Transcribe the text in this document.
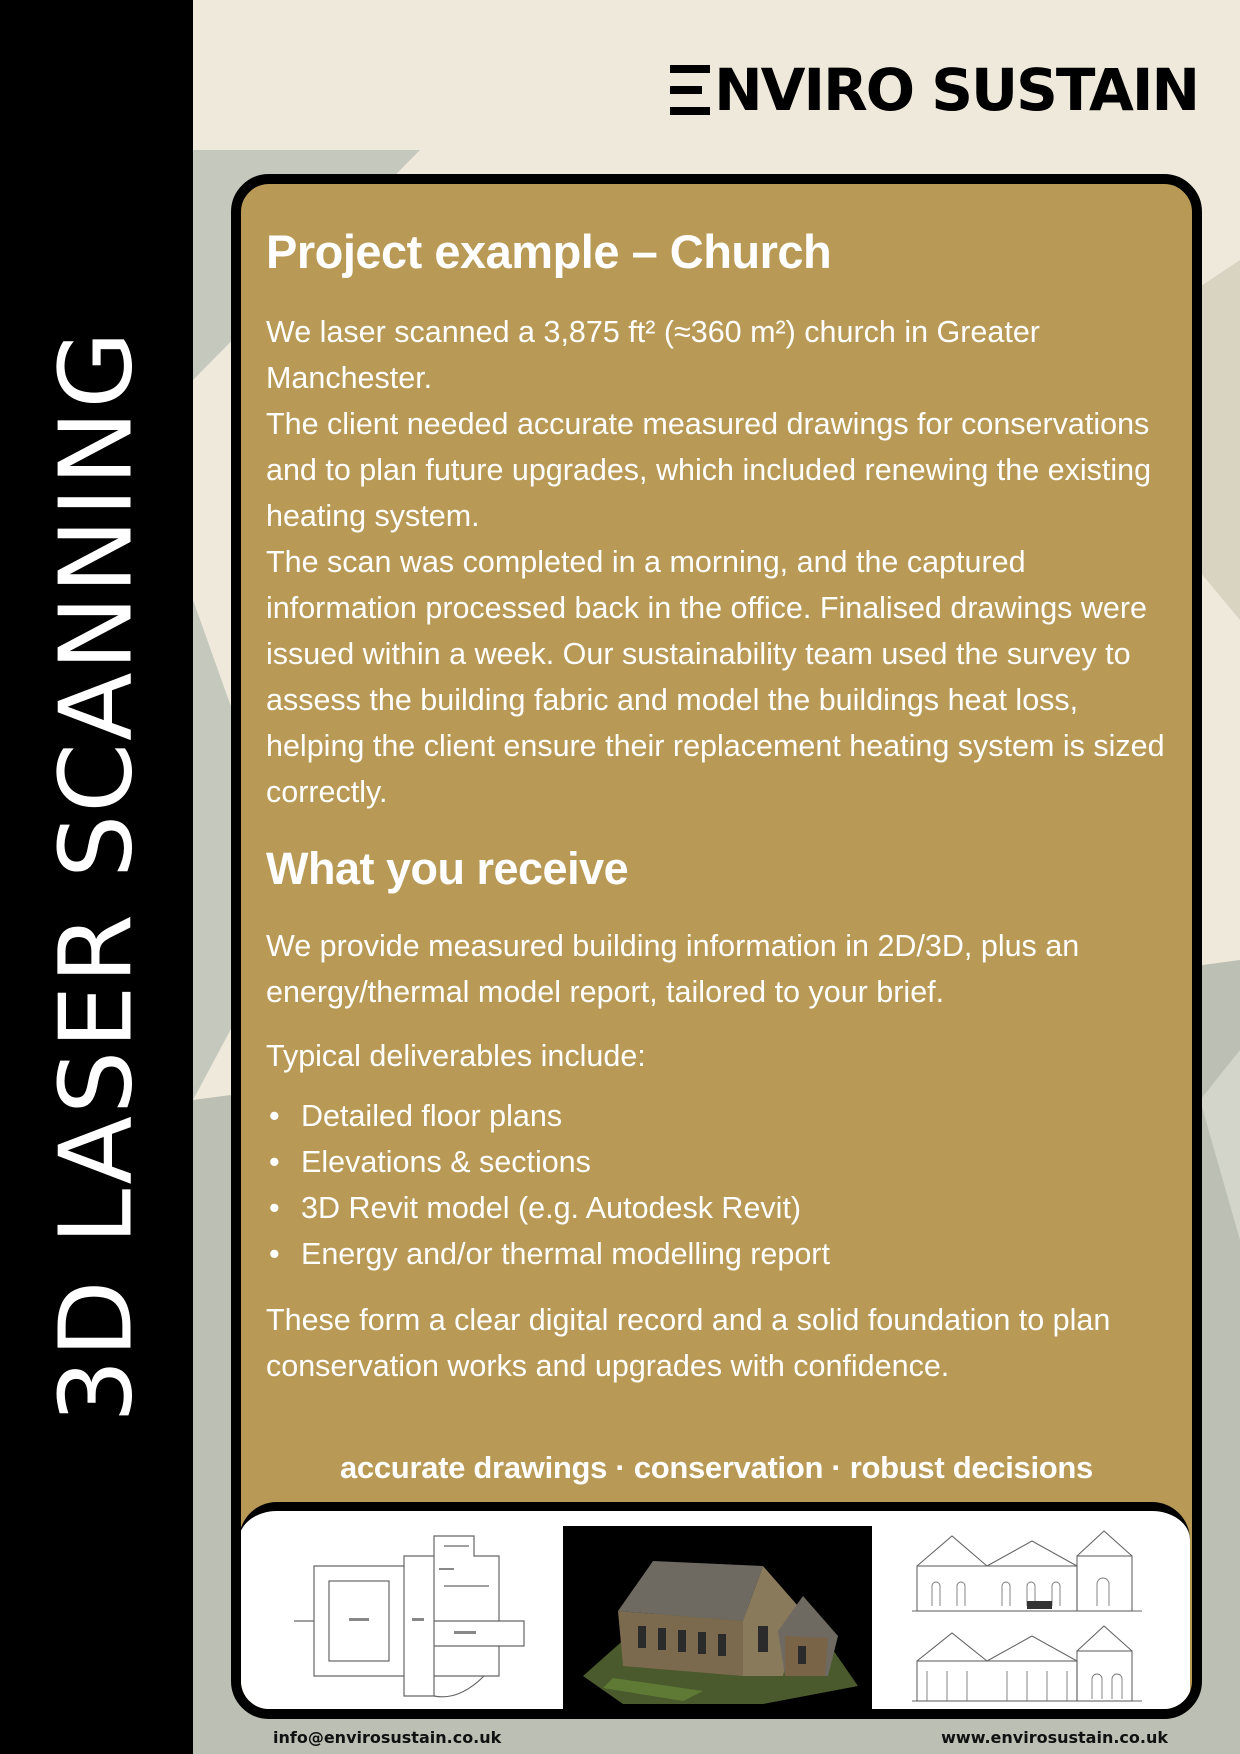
3D LASER SCANNING
NVIRO SUSTAIN
Project example – Church

We laser scanned a 3,875 ft² (≈360 m²) church in Greater Manchester.

The client needed accurate measured drawings for conservations and to plan future upgrades, which included renewing the existing heating system.

The scan was completed in a morning, and the captured information processed back in the office. Finalised drawings were issued within a week. Our sustainability team used the survey to assess the building fabric and model the buildings heat loss, helping the client ensure their replacement heating system is sized correctly.

What you receive

We provide measured building information in 2D/3D, plus an energy/thermal model report, tailored to your brief.

Typical deliverables include:

• Detailed floor plans
• Elevations & sections
• 3D Revit model (e.g. Autodesk Revit)
• Energy and/or thermal modelling report

These form a clear digital record and a solid foundation to plan conservation works and upgrades with confidence.

accurate drawings · conservation · robust decisions
info@envirosustain.co.uk	www.envirosustain.co.uk
